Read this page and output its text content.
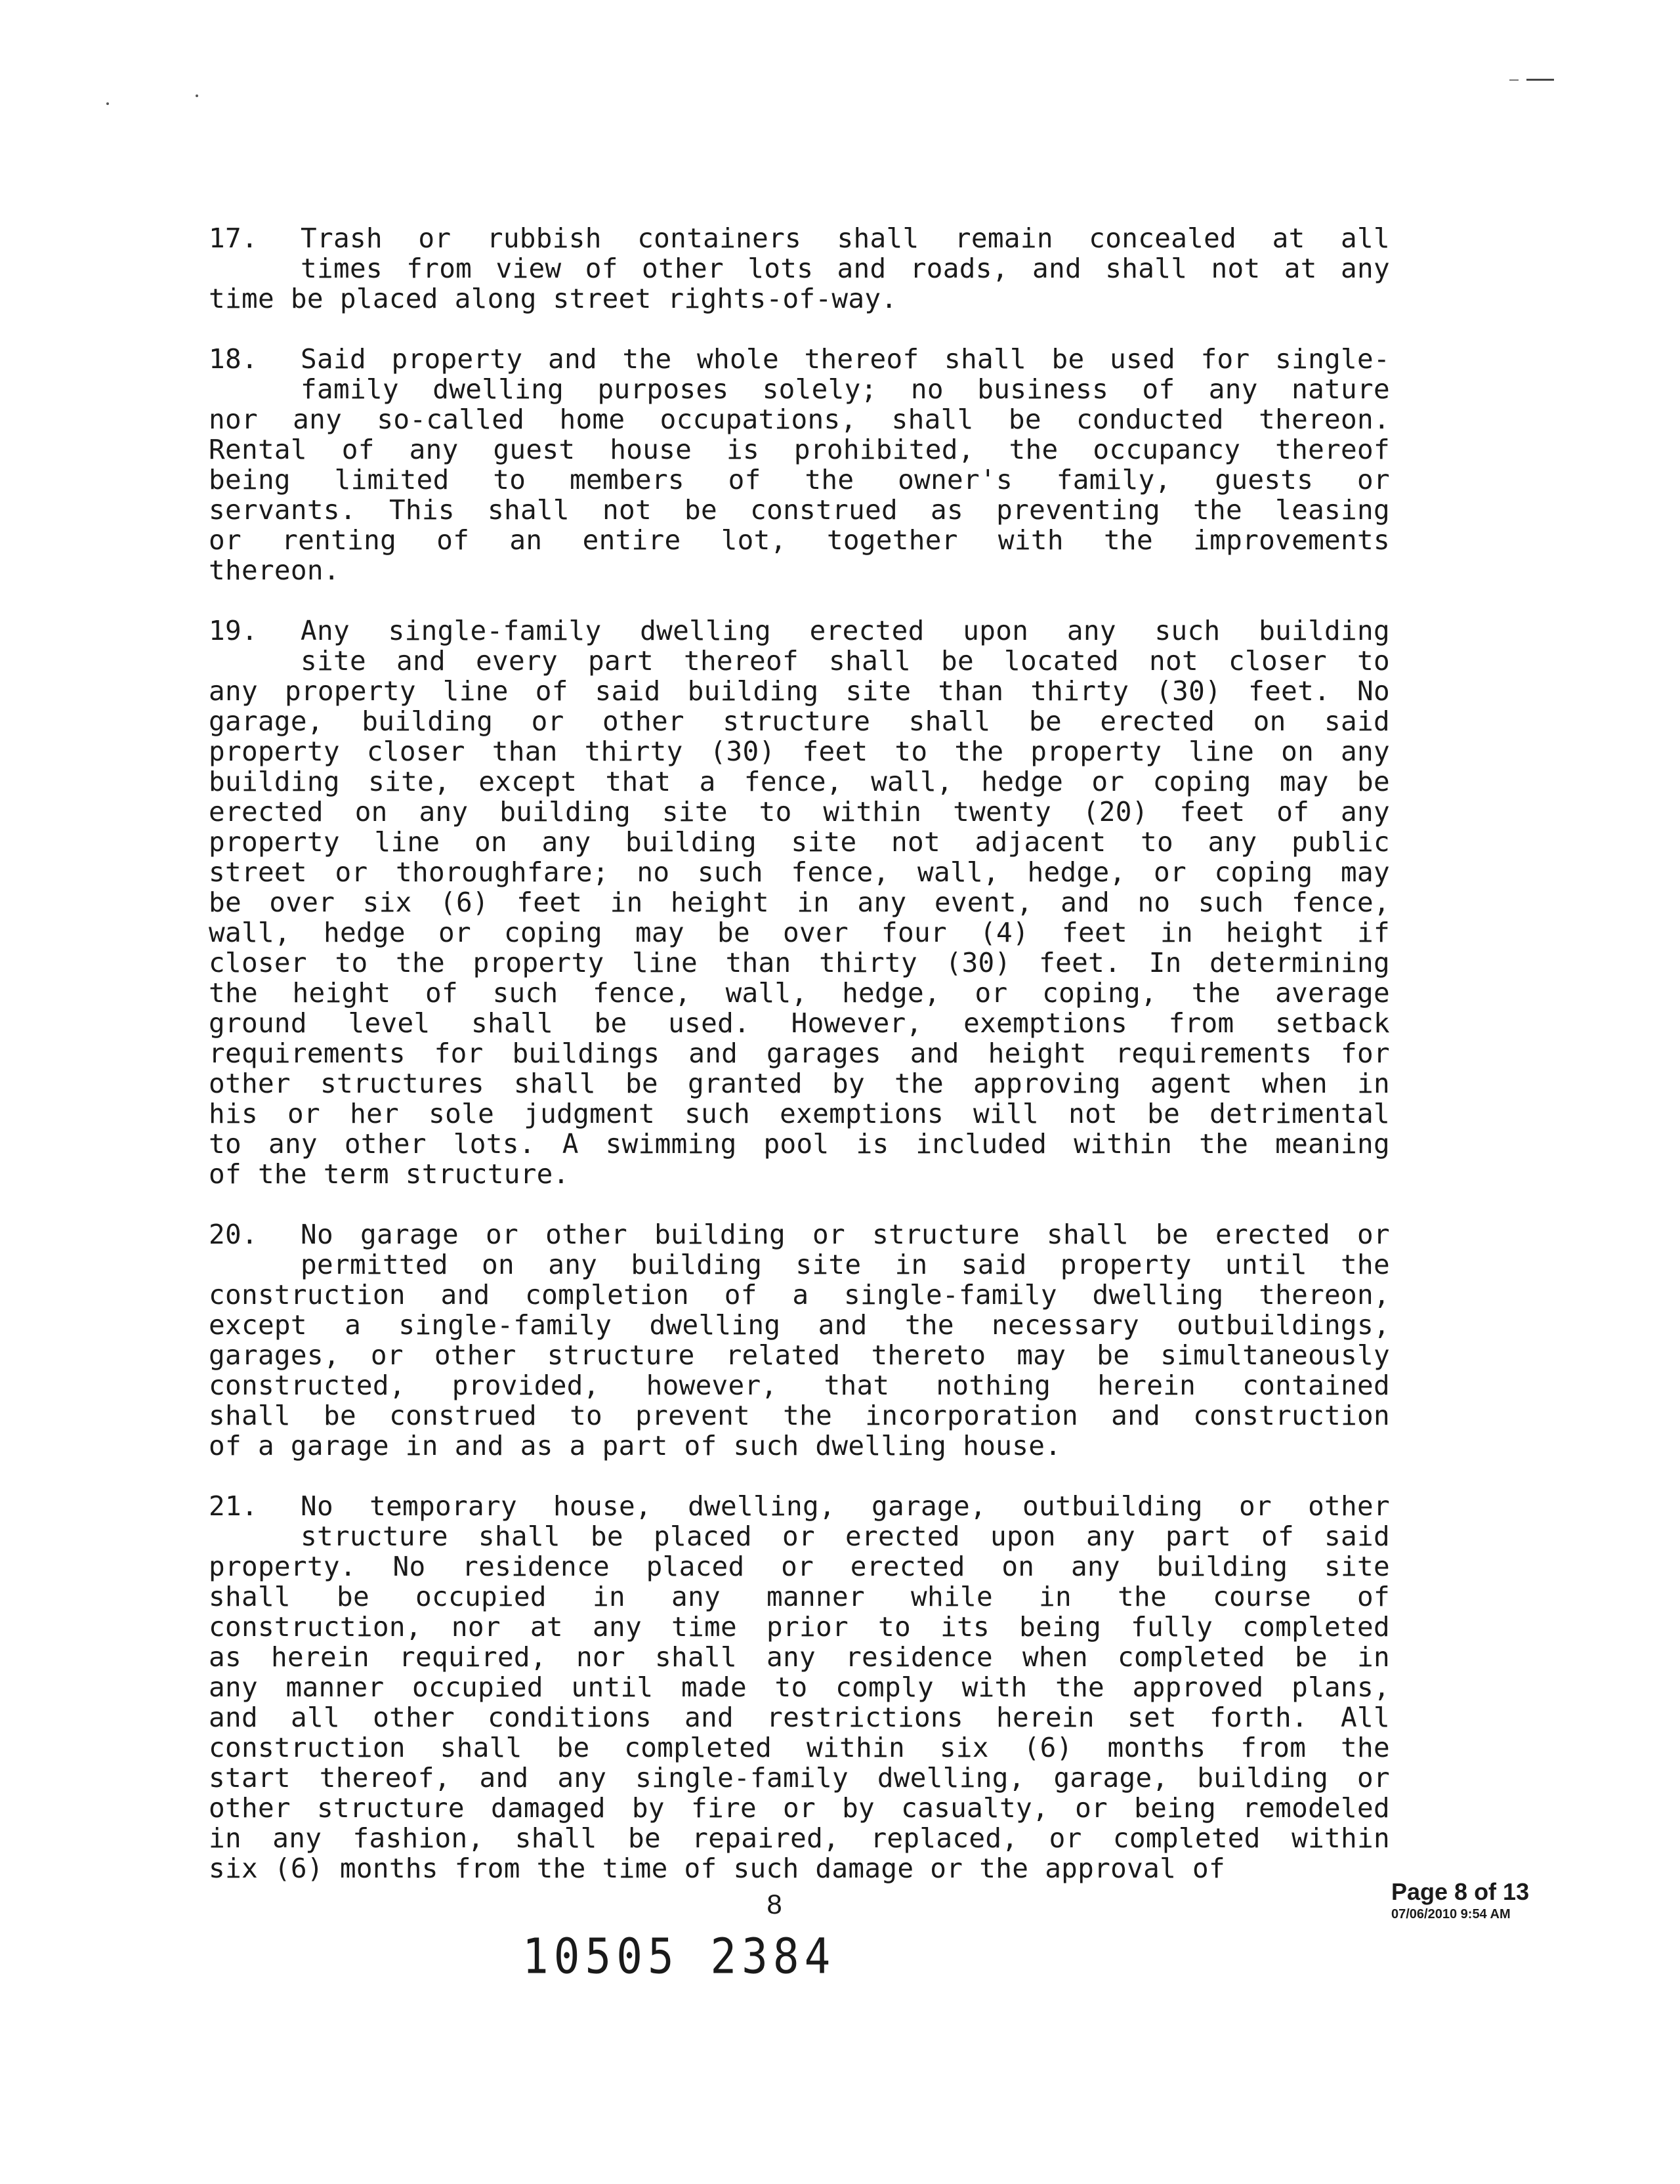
17. Trash or rubbish containers shall remain concealed at all
times from view of other lots and roads, and shall not at any
time be placed along street rights-of-way.
18. Said property and the whole thereof shall be used for single-
family dwelling purposes solely; no business of any nature
nor any so-called home occupations, shall be conducted thereon.
Rental of any guest house is prohibited, the occupancy thereof
being limited to members of the owner's family, guests or
servants. This shall not be construed as preventing the leasing
or renting of an entire lot, together with the improvements
thereon.
19. Any single-family dwelling erected upon any such building
site and every part thereof shall be located not closer to
any property line of said building site than thirty (30) feet. No
garage, building or other structure shall be erected on said
property closer than thirty (30) feet to the property line on any
building site, except that a fence, wall, hedge or coping may be
erected on any building site to within twenty (20) feet of any
property line on any building site not adjacent to any public
street or thoroughfare; no such fence, wall, hedge, or coping may
be over six (6) feet in height in any event, and no such fence,
wall, hedge or coping may be over four (4) feet in height if
closer to the property line than thirty (30) feet. In determining
the height of such fence, wall, hedge, or coping, the average
ground level shall be used. However, exemptions from setback
requirements for buildings and garages and height requirements for
other structures shall be granted by the approving agent when in
his or her sole judgment such exemptions will not be detrimental
to any other lots. A swimming pool is included within the meaning
of the term structure.
20. No garage or other building or structure shall be erected or
permitted on any building site in said property until the
construction and completion of a single-family dwelling thereon,
except a single-family dwelling and the necessary outbuildings,
garages, or other structure related thereto may be simultaneously
constructed, provided, however, that nothing herein contained
shall be construed to prevent the incorporation and construction
of a garage in and as a part of such dwelling house.
21. No temporary house, dwelling, garage, outbuilding or other
structure shall be placed or erected upon any part of said
property. No residence placed or erected on any building site
shall be occupied in any manner while in the course of
construction, nor at any time prior to its being fully completed
as herein required, nor shall any residence when completed be in
any manner occupied until made to comply with the approved plans,
and all other conditions and restrictions herein set forth. All
construction shall be completed within six (6) months from the
start thereof, and any single-family dwelling, garage, building or
other structure damaged by fire or by casualty, or being remodeled
in any fashion, shall be repaired, replaced, or completed within
six (6) months from the time of such damage or the approval of
8
10505 2384
Page 8 of 13
07/06/2010 9:54 AM
